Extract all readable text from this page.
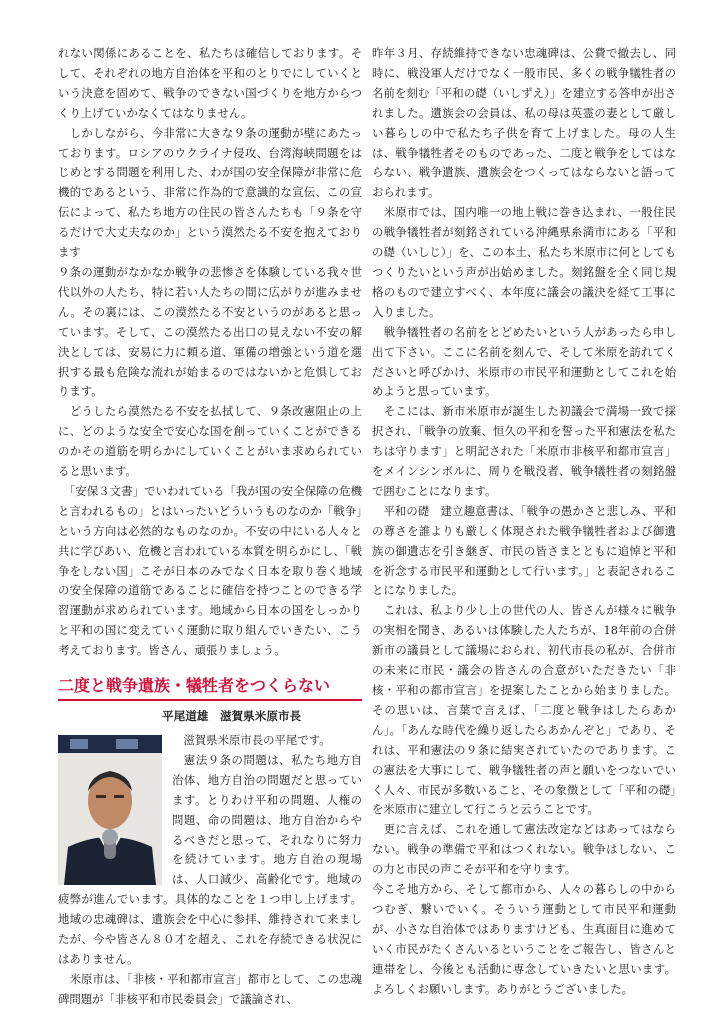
れない関係にあることを、私たちは確信しております。そして、それぞれの地方自治体を平和のとりでにしていくという決意を固めて、戦争のできない国づくりを地方からつくり上げていかなくてはなりません。

　しかしながら、今非常に大きな９条の運動が壁にあたっております。ロシアのウクライナ侵攻、台湾海峡問題をはじめとする問題を利用した、わが国の安全保障が非常に危機的であるという、非常に作為的で意識的な宣伝、この宣伝によって、私たち地方の住民の皆さんたちも「９条を守るだけで大丈夫なのか」という漠然たる不安を抱えております

９条の運動がなかなか戦争の悲惨さを体験している我々世代以外の人たち、特に若い人たちの間に広がりが進みません。その裏には、この漠然たる不安というのがあると思っています。そして、この漠然たる出口の見えない不安の解決としては、安易に力に頼る道、軍備の増強という道を選択する最も危険な流れが始まるのではないかと危惧しております。

　どうしたら漠然たる不安を払拭して、９条改憲阻止の上に、どのような安全で安心な国を創っていくことができるのかその道筋を明らかにしていくことがいま求められていると思います。

　「安保３文書」でいわれている「我が国の安全保障の危機と言われるもの」とはいったいどういうものなのか「戦争」という方向は必然的なものなのか。不安の中にいる人々と共に学びあい、危機と言われている本質を明らかにし、「戦争をしない国」こそが日本のみでなく日本を取り巻く地域の安全保障の道筋であることに確信を持つことのできる学習運動が求められています。地域から日本の国をしっかりと平和の国に変えていく運動に取り組んでいきたい、こう考えております。皆さん、頑張りましょう。

二度と戦争遺族・犠牲者をつくらない
平尾道雄　滋賀県米原市長

　滋賀県米原市長の平尾です。

　憲法９条の問題は、私たち地方自治体、地方自治の問題だと思っています。とりわけ平和の問題、人権の問題、命の問題は、地方自治からやるべきだと思って、それなりに努力を続けています。地方自治の現場は、人口減少、高齢化です。地域の疲弊が進んでいます。具体的なことを１つ申し上げます。地域の忠魂碑は、遺族会を中心に参拝、維持されて来ましたが、今や皆さん８０才を超え、これを存続できる状況にはありません。

　米原市は、「非核・平和都市宣言」都市として、この忠魂碑問題が「非核平和市民委員会」で議論され、

昨年３月、存続維持できない忠魂碑は、公費で撤去し、同時に、戦没軍人だけでなく一般市民、多くの戦争犠牲者の名前を刻む「平和の礎（いしずえ）」を建立する答申が出されました。遺族会の会員は、私の母は英霊の妻として厳しい暮らしの中で私たち子供を育て上げました。母の人生は、戦争犠牲者そのものであった、二度と戦争をしてはならない、戦争遺族、遺族会をつくってはならないと語っておられます。

　米原市では、国内唯一の地上戦に巻き込まれ、一般住民の戦争犠牲者が刻銘されている沖縄県糸満市にある「平和の礎（いしじ）」を、この本土、私たち米原市に何としてもつくりたいという声が出始めました。刻銘盤を全く同じ規格のもので建立すべく、本年度に議会の議決を経て工事に入りました。

　戦争犠牲者の名前をとどめたいという人があったら申し出て下さい。ここに名前を刻んで、そして米原を訪れてくださいと呼びかけ、米原市の市民平和運動としてこれを始めようと思っています。

　そこには、新市米原市が誕生した初議会で満場一致で採択され、「戦争の放棄、恒久の平和を誓った平和憲法を私たちは守ります」と明記された「米原市非核平和都市宣言」をメインシンボルに、周りを戦没者、戦争犠牲者の刻銘盤で囲むことになります。

　平和の礎　建立趣意書は、「戦争の愚かさと悲しみ、平和の尊さを誰よりも厳しく体現された戦争犠牲者および御遺族の御遺志を引き継ぎ、市民の皆さまとともに追悼と平和を祈念する市民平和運動として行います。」と表記されることになりました。

　これは、私より少し上の世代の人、皆さんが様々に戦争の実相を聞き、あるいは体験した人たちが、18年前の合併新市の議員として議場におられ、初代市長の私が、合併市の未来に市民・議会の皆さんの合意がいただきたい「非核・平和の都市宣言」を提案したことから始まりました。その思いは、言葉で言えば、「二度と戦争はしたらあかん」。「あんな時代を繰り返したらあかんぞと」であり、それは、平和憲法の９条に結実されていたのであります。この憲法を大事にして、戦争犠牲者の声と願いをつないでいく人々、市民が多数いること、その象徴として「平和の礎」を米原市に建立して行こうと云うことです。

　更に言えば、これを通して憲法改定などはあってはならない。戦争の準備で平和はつくれない。戦争はしない、この力と市民の声こそが平和を守ります。

今こそ地方から、そして都市から、人々の暮らしの中からつむぎ、繋いでいく。そういう運動として市民平和運動が、小さな自治体ではありますけども、生真面目に進めていく市民がたくさんいるということをご報告し、皆さんと連帯をし、今後とも活動に専念していきたいと思います。よろしくお願いします。ありがとうございました。
